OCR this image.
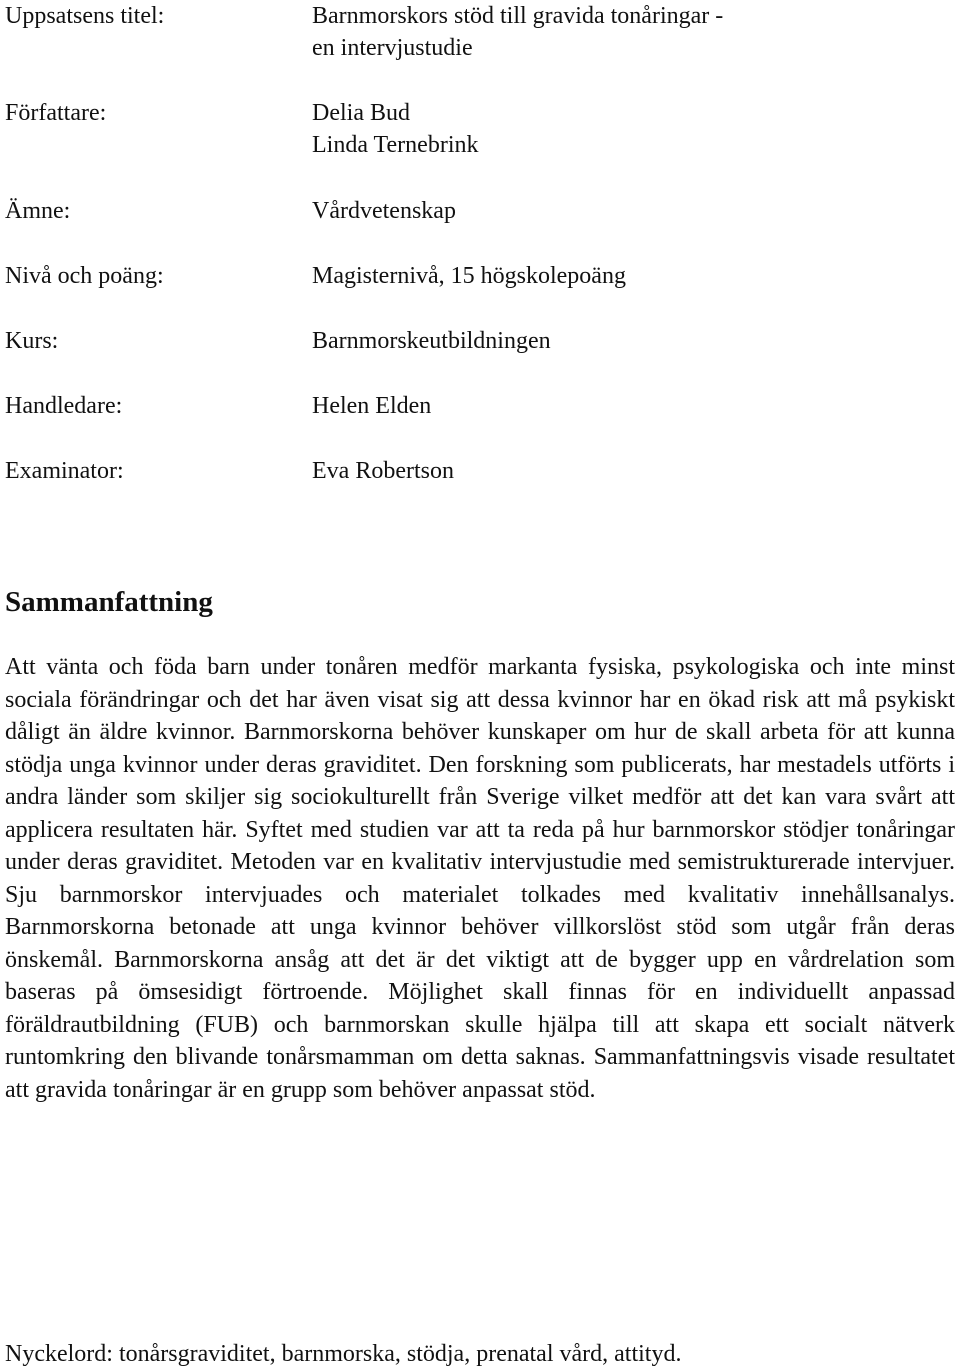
Uppsatsens titel:	Barnmorskors stöd till gravida tonåringar -
en intervjustudie
Författare:	Delia Bud
Linda Ternebrink
Ämne:	Vårdvetenskap
Nivå och poäng:	Magisternivå, 15 högskolepoäng
Kurs:	Barnmorskeutbildningen
Handledare:	Helen Elden
Examinator:	Eva Robertson
Sammanfattning

Att vänta och föda barn under tonåren medför markanta fysiska, psykologiska och inte minst sociala förändringar och det har även visat sig att dessa kvinnor har en ökad risk att må psykiskt dåligt än äldre kvinnor. Barnmorskorna behöver kunskaper om hur de skall arbeta för att kunna stödja unga kvinnor under deras graviditet. Den forskning som publicerats, har mestadels utförts i andra länder som skiljer sig sociokulturellt från Sverige vilket medför att det kan vara svårt att applicera resultaten här. Syftet med studien var att ta reda på hur barnmorskor stödjer tonåringar under deras graviditet. Metoden var en kvalitativ intervjustudie med semistrukturerade intervjuer. Sju barnmorskor intervjuades och materialet tolkades med kvalitativ innehållsanalys. Barnmorskorna betonade att unga kvinnor behöver villkorslöst stöd som utgår från deras önskemål. Barnmorskorna ansåg att det är det viktigt att de bygger upp en vårdrelation som baseras på ömsesidigt förtroende. Möjlighet skall finnas för en individuellt anpassad föräldrautbildning (FUB) och barnmorskan skulle hjälpa till att skapa ett socialt nätverk runtomkring den blivande tonårsmamman om detta saknas. Sammanfattningsvis visade resultatet att gravida tonåringar är en grupp som behöver anpassat stöd.

Nyckelord: tonårsgraviditet, barnmorska, stödja, prenatal vård, attityd.
